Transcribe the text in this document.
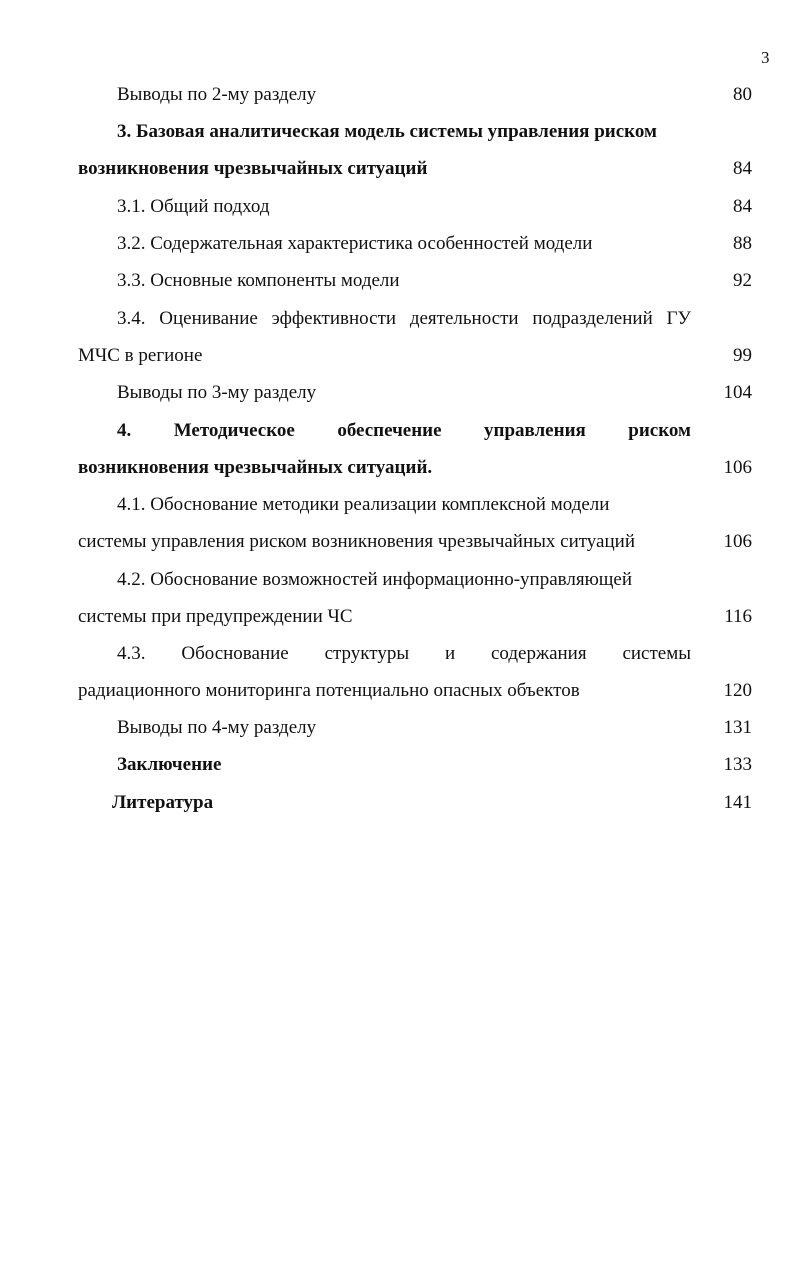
3
Выводы по 2-му разделу	80
3. Базовая аналитическая модель системы управления риском
возникновения чрезвычайных ситуаций	84
3.1. Общий подход	84
3.2. Содержательная характеристика особенностей модели	88
3.3. Основные компоненты модели	92
3.4. Оценивание эффективности деятельности подразделений ГУ
МЧС в регионе	99
Выводы по 3-му разделу	104
4. Методическое обеспечение управления риском
возникновения чрезвычайных ситуаций.	106
4.1. Обоснование методики реализации комплексной модели
системы управления риском возникновения чрезвычайных ситуаций	106
4.2. Обоснование возможностей информационно-управляющей
системы при предупреждении ЧС	116
4.3. Обоснование структуры и содержания системы
радиационного мониторинга потенциально опасных объектов	120
Выводы по 4-му разделу	131
Заключение	133
Литература	141
